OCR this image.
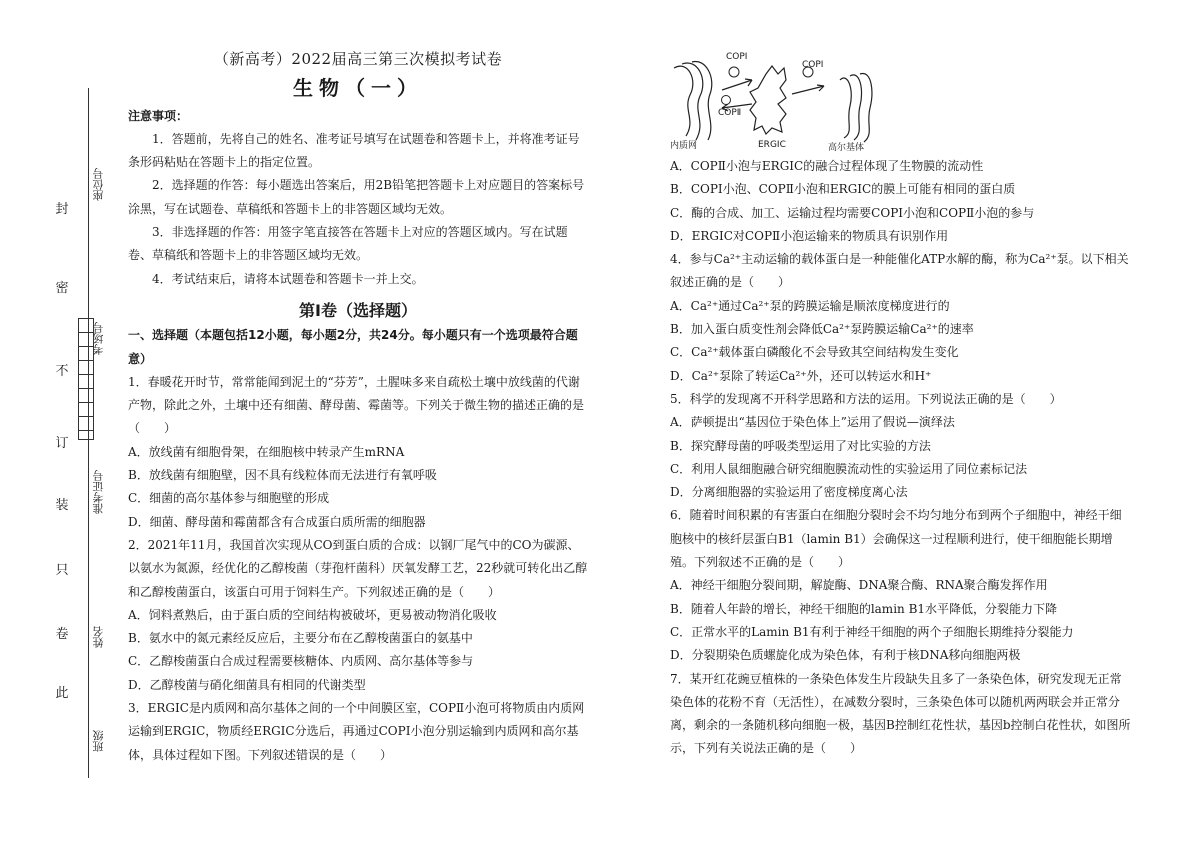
封
密
不
订
装
只
卷
此
座位号
考场号
准考证号
姓名
班级
（新高考）2022届高三第三次模拟考试卷
生物（一）
注意事项：
1．答题前，先将自己的姓名、准考证号填写在试题卷和答题卡上，并将准考证号条形码粘贴在答题卡上的指定位置。
2．选择题的作答：每小题选出答案后，用2B铅笔把答题卡上对应题目的答案标号涂黑，写在试题卷、草稿纸和答题卡上的非答题区域均无效。
3．非选择题的作答：用签字笔直接答在答题卡上对应的答题区域内。写在试题卷、草稿纸和答题卡上的非答题区域均无效。
4．考试结束后，请将本试题卷和答题卡一并上交。
第Ⅰ卷（选择题）
一、选择题（本题包括12小题，每小题2分，共24分。每小题只有一个选项最符合题意）
1．春暖花开时节，常常能闻到泥土的“芬芳”，土腥味多来自疏松土壤中放线菌的代谢产物，除此之外，土壤中还有细菌、酵母菌、霉菌等。下列关于微生物的描述正确的是（　　）
A．放线菌有细胞骨架，在细胞核中转录产生mRNA
B．放线菌有细胞壁，因不具有线粒体而无法进行有氧呼吸
C．细菌的高尔基体参与细胞壁的形成
D．细菌、酵母菌和霉菌都含有合成蛋白质所需的细胞器
2．2021年11月，我国首次实现从CO到蛋白质的合成：以钢厂尾气中的CO为碳源、以氨水为氮源，经优化的乙醇梭菌（芽孢杆菌科）厌氧发酵工艺，22秒就可转化出乙醇和乙醇梭菌蛋白，该蛋白可用于饲料生产。下列叙述正确的是（　　）
A．饲料煮熟后，由于蛋白质的空间结构被破坏，更易被动物消化吸收
B．氨水中的氮元素经反应后，主要分布在乙醇梭菌蛋白的氨基中
C．乙醇梭菌蛋白合成过程需要核糖体、内质网、高尔基体等参与
D．乙醇梭菌与硝化细菌具有相同的代谢类型
3．ERGIC是内质网和高尔基体之间的一个中间膜区室，COPⅡ小泡可将物质由内质网运输到ERGIC，物质经ERGIC分选后，再通过COPⅠ小泡分别运输到内质网和高尔基体，具体过程如下图。下列叙述错误的是（　　）
COPⅠ
COPⅡ
COPⅠ
内质网	ERGIC	高尔基体
A．COPⅡ小泡与ERGIC的融合过程体现了生物膜的流动性
B．COPⅠ小泡、COPⅡ小泡和ERGIC的膜上可能有相同的蛋白质
C．酶的合成、加工、运输过程均需要COPⅠ小泡和COPⅡ小泡的参与
D．ERGIC对COPⅡ小泡运输来的物质具有识别作用
4．参与Ca²⁺主动运输的载体蛋白是一种能催化ATP水解的酶，称为Ca²⁺泵。以下相关叙述正确的是（　　）
A．Ca²⁺通过Ca²⁺泵的跨膜运输是顺浓度梯度进行的
B．加入蛋白质变性剂会降低Ca²⁺泵跨膜运输Ca²⁺的速率
C．Ca²⁺载体蛋白磷酸化不会导致其空间结构发生变化
D．Ca²⁺泵除了转运Ca²⁺外，还可以转运水和H⁺
5．科学的发现离不开科学思路和方法的运用。下列说法正确的是（　　）
A．萨顿提出“基因位于染色体上”运用了假说—演绎法
B．探究酵母菌的呼吸类型运用了对比实验的方法
C．利用人鼠细胞融合研究细胞膜流动性的实验运用了同位素标记法
D．分离细胞器的实验运用了密度梯度离心法
6．随着时间积累的有害蛋白在细胞分裂时会不均匀地分布到两个子细胞中，神经干细胞核中的核纤层蛋白B1（lamin B1）会确保这一过程顺利进行，使干细胞能长期增殖。下列叙述不正确的是（　　）
A．神经干细胞分裂间期，解旋酶、DNA聚合酶、RNA聚合酶发挥作用
B．随着人年龄的增长，神经干细胞的lamin B1水平降低，分裂能力下降
C．正常水平的Lamin B1有利于神经干细胞的两个子细胞长期维持分裂能力
D．分裂期染色质螺旋化成为染色体，有利于核DNA移向细胞两极
7．某开红花豌豆植株的一条染色体发生片段缺失且多了一条染色体，研究发现无正常染色体的花粉不育（无活性），在减数分裂时，三条染色体可以随机两两联会并正常分离，剩余的一条随机移向细胞一极，基因B控制红花性状，基因b控制白花性状，如图所示，下列有关说法正确的是（　　）
